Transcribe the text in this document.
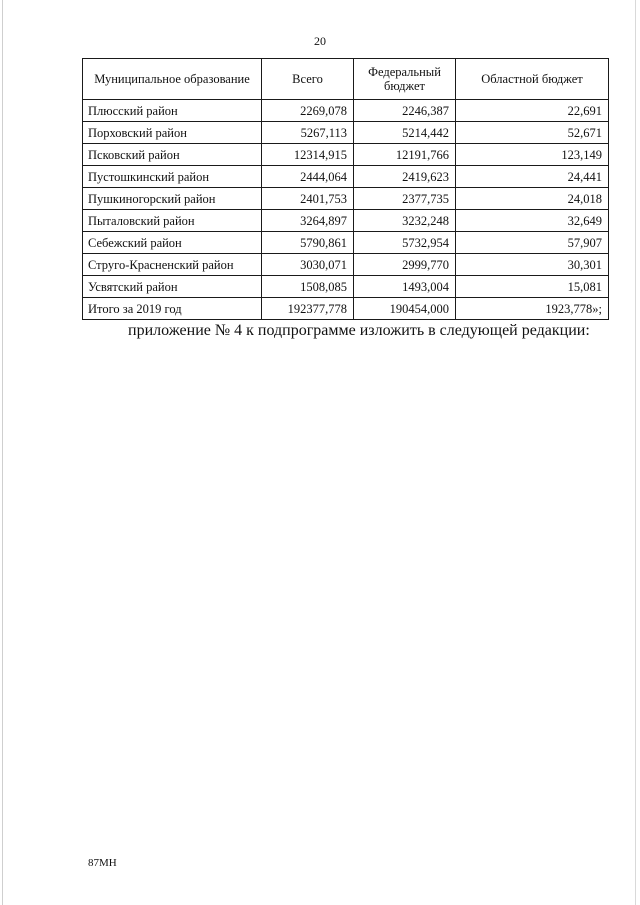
20
Муниципальное образование	Всего	Федеральный бюджет	Областной бюджет
Плюсский район	2269,078	2246,387	22,691
Порховский район	5267,113	5214,442	52,671
Псковский район	12314,915	12191,766	123,149
Пустошкинский район	2444,064	2419,623	24,441
Пушкиногорский район	2401,753	2377,735	24,018
Пыталовский район	3264,897	3232,248	32,649
Себежский район	5790,861	5732,954	57,907
Струго-Красненский район	3030,071	2999,770	30,301
Усвятский район	1508,085	1493,004	15,081
Итого за 2019 год	192377,778	190454,000	1923,778»;
приложение № 4 к подпрограмме изложить в следующей редакции:
87МН
